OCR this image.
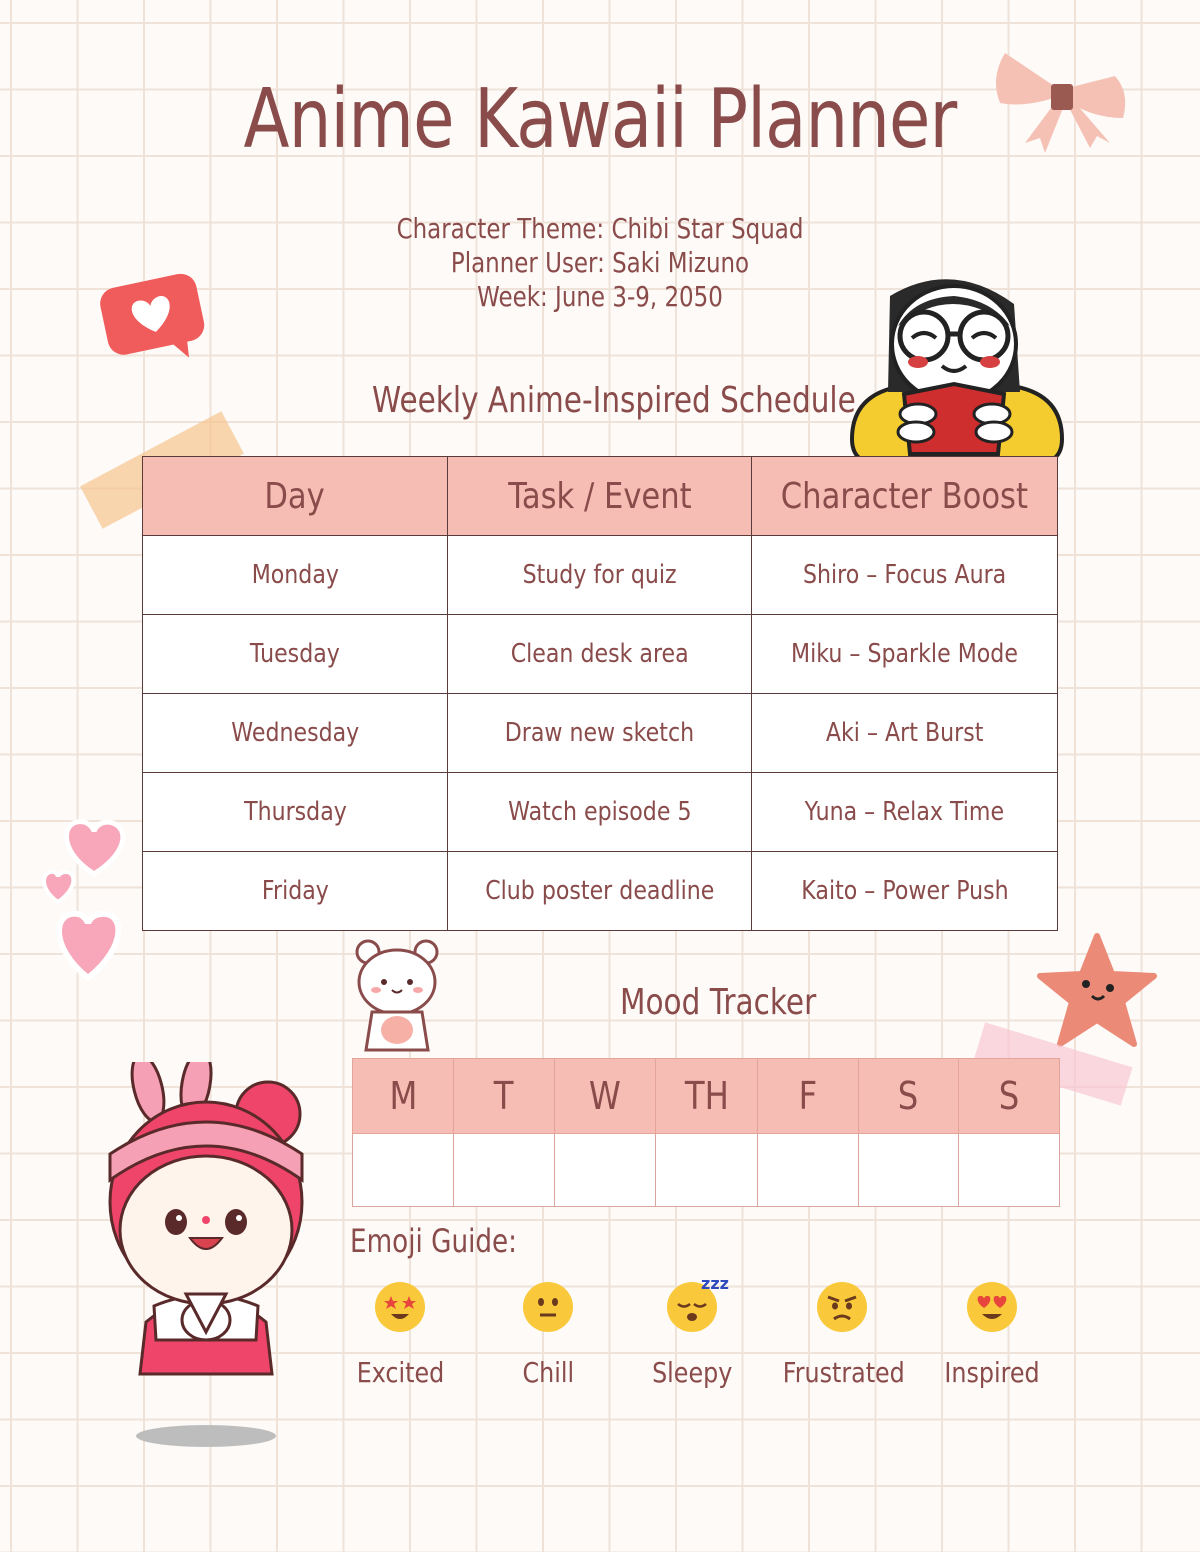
Anime Kawaii Planner
Character Theme: Chibi Star Squad
Planner User: Saki Mizuno
Week: June 3-9, 2050
Weekly Anime-Inspired Schedule
Day	Task / Event	Character Boost
Monday	Study for quiz	Shiro – Focus Aura
Tuesday	Clean desk area	Miku – Sparkle Mode
Wednesday	Draw new sketch	Aki – Art Burst
Thursday	Watch episode 5	Yuna – Relax Time
Friday	Club poster deadline	Kaito – Power Push
Mood Tracker
M	T	W	TH	F	S	S

Emoji Guide:
Excited	Chill
zzz
Sleepy	Frustrated	Inspired
